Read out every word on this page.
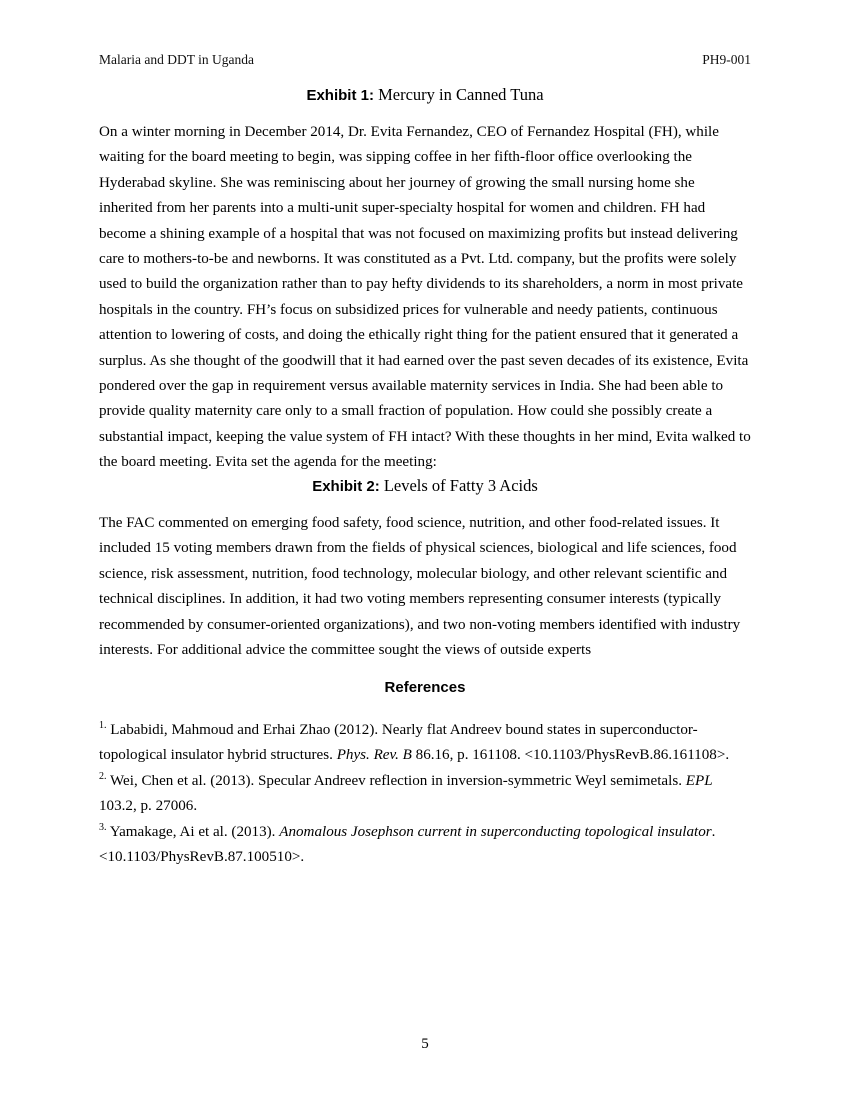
Malaria and DDT in Uganda	PH9-001

Exhibit 1: Mercury in Canned Tuna

On a winter morning in December 2014, Dr. Evita Fernandez, CEO of Fernandez Hospital (FH), while waiting for the board meeting to begin, was sipping coffee in her fifth-floor office overlooking the Hyderabad skyline. She was reminiscing about her journey of growing the small nursing home she inherited from her parents into a multi-unit super-specialty hospital for women and children. FH had become a shining example of a hospital that was not focused on maximizing profits but instead delivering care to mothers-to-be and newborns. It was constituted as a Pvt. Ltd. company, but the profits were solely used to build the organization rather than to pay hefty dividends to its shareholders, a norm in most private hospitals in the country. FH’s focus on subsidized prices for vulnerable and needy patients, continuous attention to lowering of costs, and doing the ethically right thing for the patient ensured that it generated a surplus. As she thought of the goodwill that it had earned over the past seven decades of its existence, Evita pondered over the gap in requirement versus available maternity services in India. She had been able to provide quality maternity care only to a small fraction of population. How could she possibly create a substantial impact, keeping the value system of FH intact? With these thoughts in her mind, Evita walked to the board meeting. Evita set the agenda for the meeting:

Exhibit 2: Levels of Fatty 3 Acids

The FAC commented on emerging food safety, food science, nutrition, and other food-related issues. It included 15 voting members drawn from the fields of physical sciences, biological and life sciences, food science, risk assessment, nutrition, food technology, molecular biology, and other relevant scientific and technical disciplines. In addition, it had two voting members representing consumer interests (typically recommended by consumer-oriented organizations), and two non-voting members identified with industry interests. For additional advice the committee sought the views of outside experts

References

$^{1.}$ Lababidi, Mahmoud and Erhai Zhao (2012). Nearly flat Andreev bound states in superconductor-topological insulator hybrid structures. Phys. Rev. B 86.16, p. 161108. <10.1103/PhysRevB.86.161108>.

$^{2.}$ Wei, Chen et al. (2013). Specular Andreev reflection in inversion-symmetric Weyl semimetals. EPL 103.2, p. 27006.

$^{3.}$ Yamakage, Ai et al. (2013). Anomalous Josephson current in superconducting topological insulator. <10.1103/PhysRevB.87.100510>.

5
